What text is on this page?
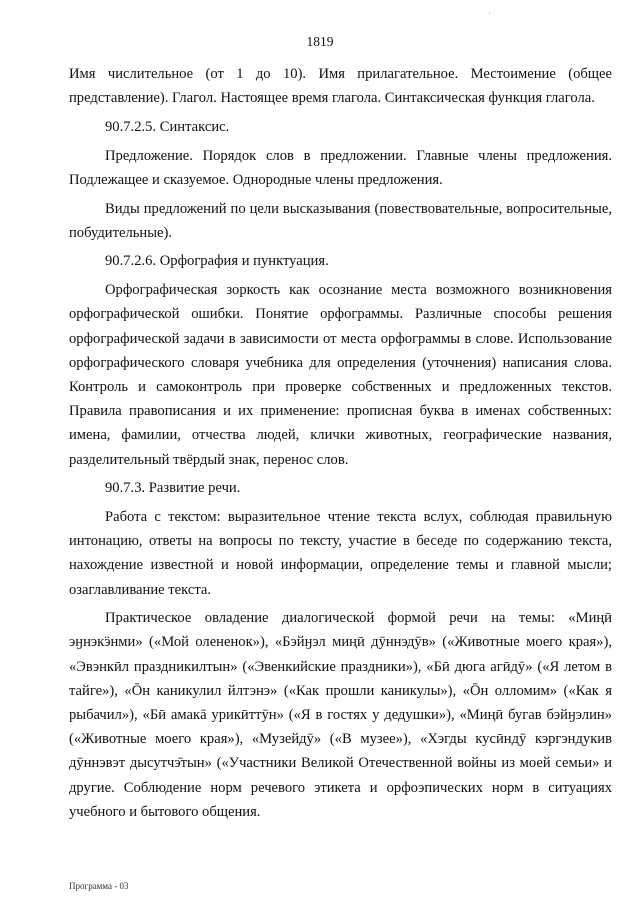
·
1819

Имя числительное (от 1 до 10). Имя прилагательное. Местоимение (общее представление). Глагол. Настоящее время глагола. Синтаксическая функция глагола.

90.7.2.5. Синтаксис.

Предложение. Порядок слов в предложении. Главные члены предложения. Подлежащее и сказуемое. Однородные члены предложения.

Виды предложений по цели высказывания (повествовательные, вопросительные, побудительные).

90.7.2.6. Орфография и пунктуация.

Орфографическая зоркость как осознание места возможного возникновения орфографической ошибки. Понятие орфограммы. Различные способы решения орфографической задачи в зависимости от места орфограммы в слове. Использование орфографического словаря учебника для определения (уточнения) написания слова. Контроль и самоконтроль при проверке собственных и предложенных текстов. Правила правописания и их применение: прописная буква в именах собственных: имена, фамилии, отчества людей, клички животных, географические названия, разделительный твёрдый знак, перенос слов.

90.7.3. Развитие речи.

Работа с текстом: выразительное чтение текста вслух, соблюдая правильную интонацию, ответы на вопросы по тексту, участие в беседе по содержанию текста, нахождение известной и новой информации, определение темы и главной мысли; озаглавливание текста.

Практическое овладение диалогической формой речи на темы: «Миңӣ эӈнэкӭнми» («Мой олененок»), «Бэйӈэл миңӣ дӯннэдӯв» («Животные моего края»), «Эвэнкӣл праздникилтын» («Эвенкийские праздники»), «Бӣ дюга агӣдӯ» («Я летом в тайге»), «Ōн каникулил йлтэнэ» («Как прошли каникулы»), «Ōн олломим» («Как я рыбачил»), «Бӣ амакā урикӣттӯн» («Я в гостях у дедушки»), «Миңӣ бугав бэйӈэлин» («Животные моего края»), «Музейдӯ» («В музее»), «Хэгды кусӣндӯ кэргэндукив дӯннэвэт дысутчэ̄тын» («Участники Великой Отечественной войны из моей семьи» и другие. Соблюдение норм речевого этикета и орфоэпических норм в ситуациях учебного и бытового общения.

Программа - 03
